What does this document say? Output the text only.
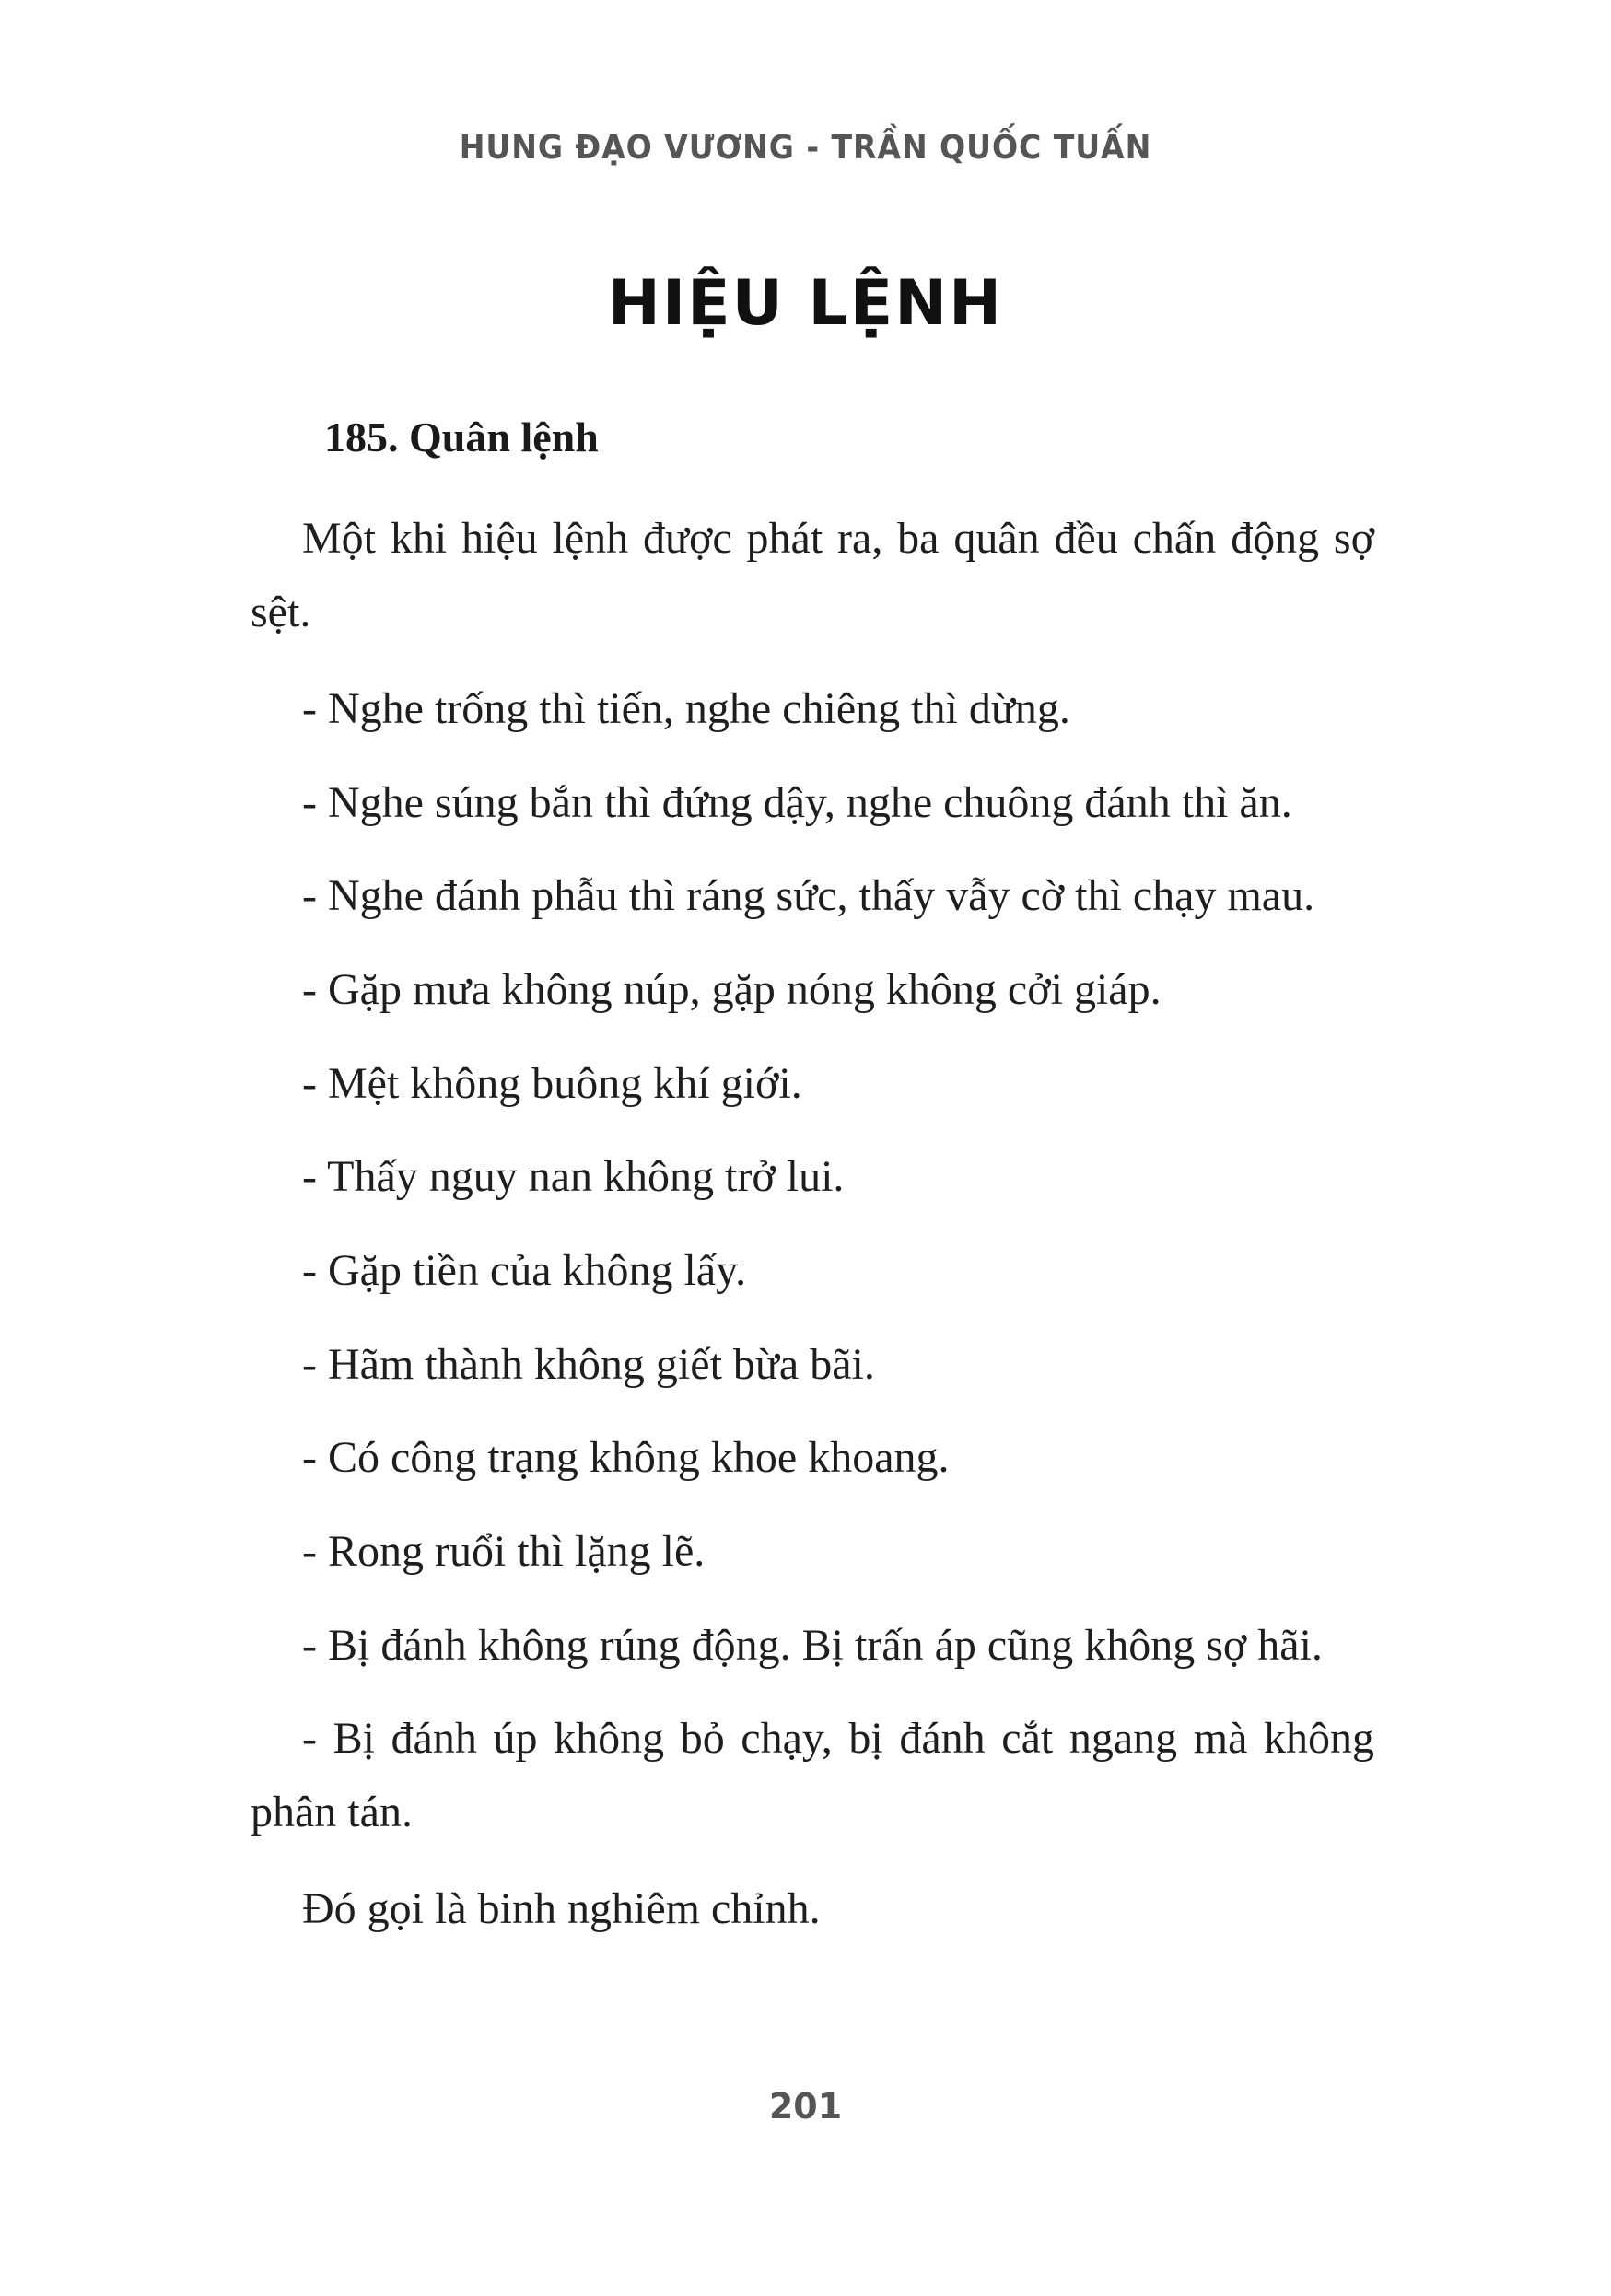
HUNG ĐẠO VƯƠNG - TRẦN QUỐC TUẤN
HIỆU LỆNH
185. Quân lệnh

Một khi hiệu lệnh được phát ra, ba quân đều chấn động sợ sệt.

- Nghe trống thì tiến, nghe chiêng thì dừng.
- Nghe súng bắn thì đứng dậy, nghe chuông đánh thì ăn.
- Nghe đánh phẫu thì ráng sức, thấy vẫy cờ thì chạy mau.
- Gặp mưa không núp, gặp nóng không cởi giáp.
- Mệt không buông khí giới.
- Thấy nguy nan không trở lui.
- Gặp tiền của không lấy.
- Hãm thành không giết bừa bãi.
- Có công trạng không khoe khoang.
- Rong ruổi thì lặng lẽ.
- Bị đánh không rúng động. Bị trấn áp cũng không sợ hãi.
- Bị đánh úp không bỏ chạy, bị đánh cắt ngang mà không phân tán.
Đó gọi là binh nghiêm chỉnh.
201
